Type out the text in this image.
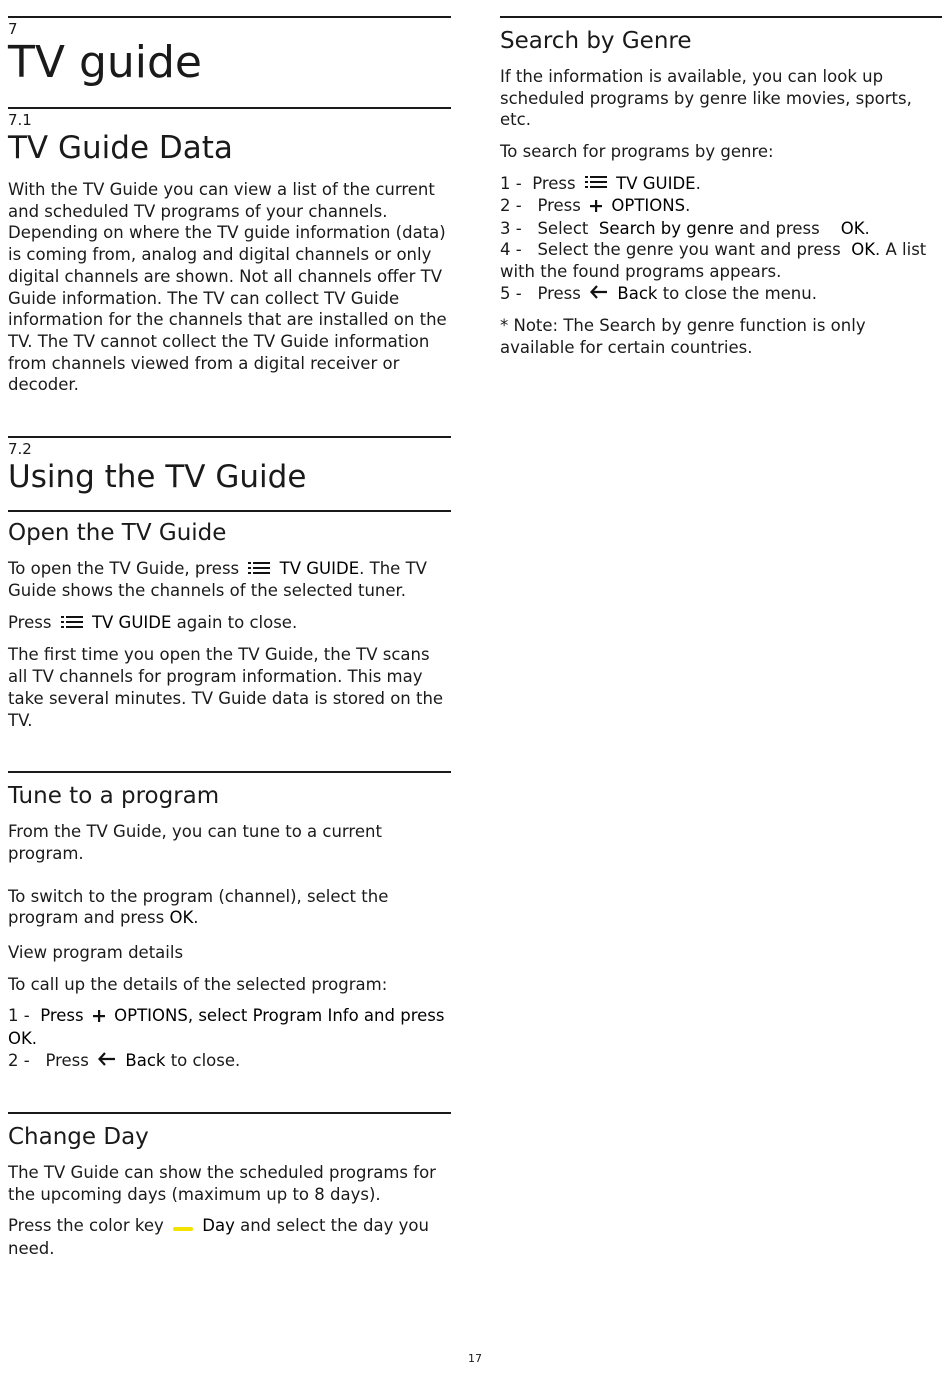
7
TV guide
7.1
TV Guide Data

With the TV Guide you can view a list of the current and scheduled TV programs of your channels. Depending on where the TV guide information (data) is coming from, analog and digital channels or only digital channels are shown. Not all channels offer TV Guide information. The TV can collect TV Guide information for the channels that are installed on the TV. The TV cannot collect the TV Guide information from channels viewed from a digital receiver or decoder.

7.2
Using the TV Guide
Open the TV Guide

To open the TV Guide, press TV GUIDE. The TV Guide shows the channels of the selected tuner.

Press TV GUIDE again to close.

The first time you open the TV Guide, the TV scans all TV channels for program information. This may take several minutes. TV Guide data is stored on the TV.

Tune to a program

From the TV Guide, you can tune to a current program.

To switch to the program (channel), select the program and press OK.

View program details

To call up the details of the selected program:

1 - Press OPTIONS, select Program Info and press OK.
2 - Press Back to close.
Change Day

The TV Guide can show the scheduled programs for the upcoming days (maximum up to 8 days).

Press the color key Day and select the day you need.

Search by Genre

If the information is available, you can look up scheduled programs by genre like movies, sports, etc.

To search for programs by genre:

1 - Press TV GUIDE.
2 - Press OPTIONS.
3 - Select Search by genre and press OK.
4 - Select the genre you want and press OK. A list with the found programs appears.
5 - Press Back to close the menu.

* Note: The Search by genre function is only available for certain countries.

17
